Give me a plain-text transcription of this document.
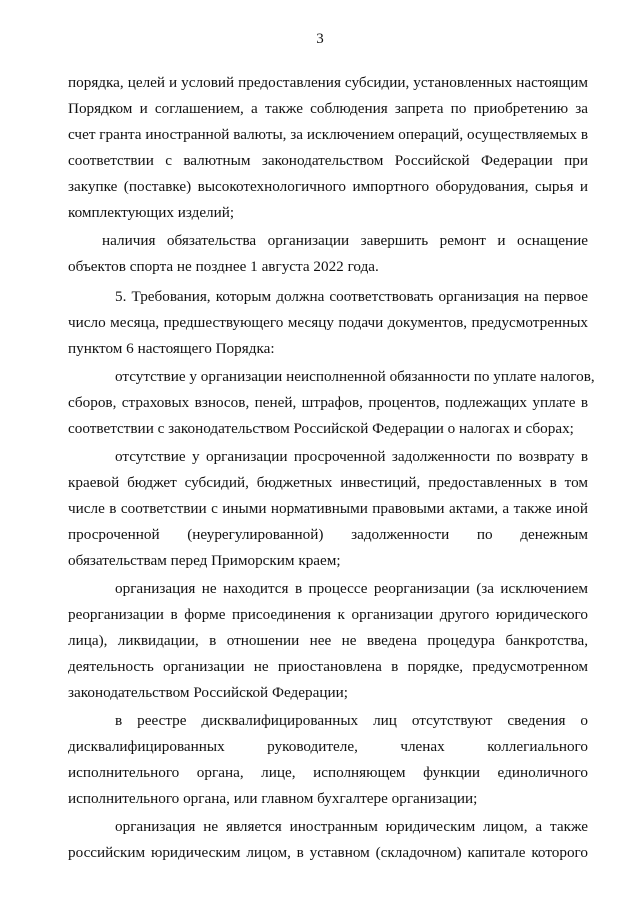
3
порядка, целей и условий предоставления субсидии, установленных настоящим
Порядком и соглашением, а также соблюдения запрета по приобретению за
счет гранта иностранной валюты, за исключением операций, осуществляемых в
соответствии с валютным законодательством Российской Федерации при
закупке (поставке) высокотехнологичного импортного оборудования, сырья и
комплектующих изделий;
наличия обязательства организации завершить ремонт и оснащение
объектов спорта не позднее 1 августа 2022 года.
5. Требования, которым должна соответствовать организация на первое
число месяца, предшествующего месяцу подачи документов, предусмотренных
пунктом 6 настоящего Порядка:
отсутствие у организации неисполненной обязанности по уплате налогов,
сборов, страховых взносов, пеней, штрафов, процентов, подлежащих уплате в
соответствии с законодательством Российской Федерации о налогах и сборах;
отсутствие у организации просроченной задолженности по возврату в
краевой бюджет субсидий, бюджетных инвестиций, предоставленных в том
числе в соответствии с иными нормативными правовыми актами, а также иной
просроченной (неурегулированной) задолженности по денежным
обязательствам перед Приморским краем;
организация не находится в процессе реорганизации (за исключением
реорганизации в форме присоединения к организации другого юридического
лица), ликвидации, в отношении нее не введена процедура банкротства,
деятельность организации не приостановлена в порядке, предусмотренном
законодательством Российской Федерации;
в реестре дисквалифицированных лиц отсутствуют сведения о
дисквалифицированных руководителе, членах коллегиального
исполнительного органа, лице, исполняющем функции единоличного
исполнительного органа, или главном бухгалтере организации;
организация не является иностранным юридическим лицом, а также
российским юридическим лицом, в уставном (складочном) капитале которого
